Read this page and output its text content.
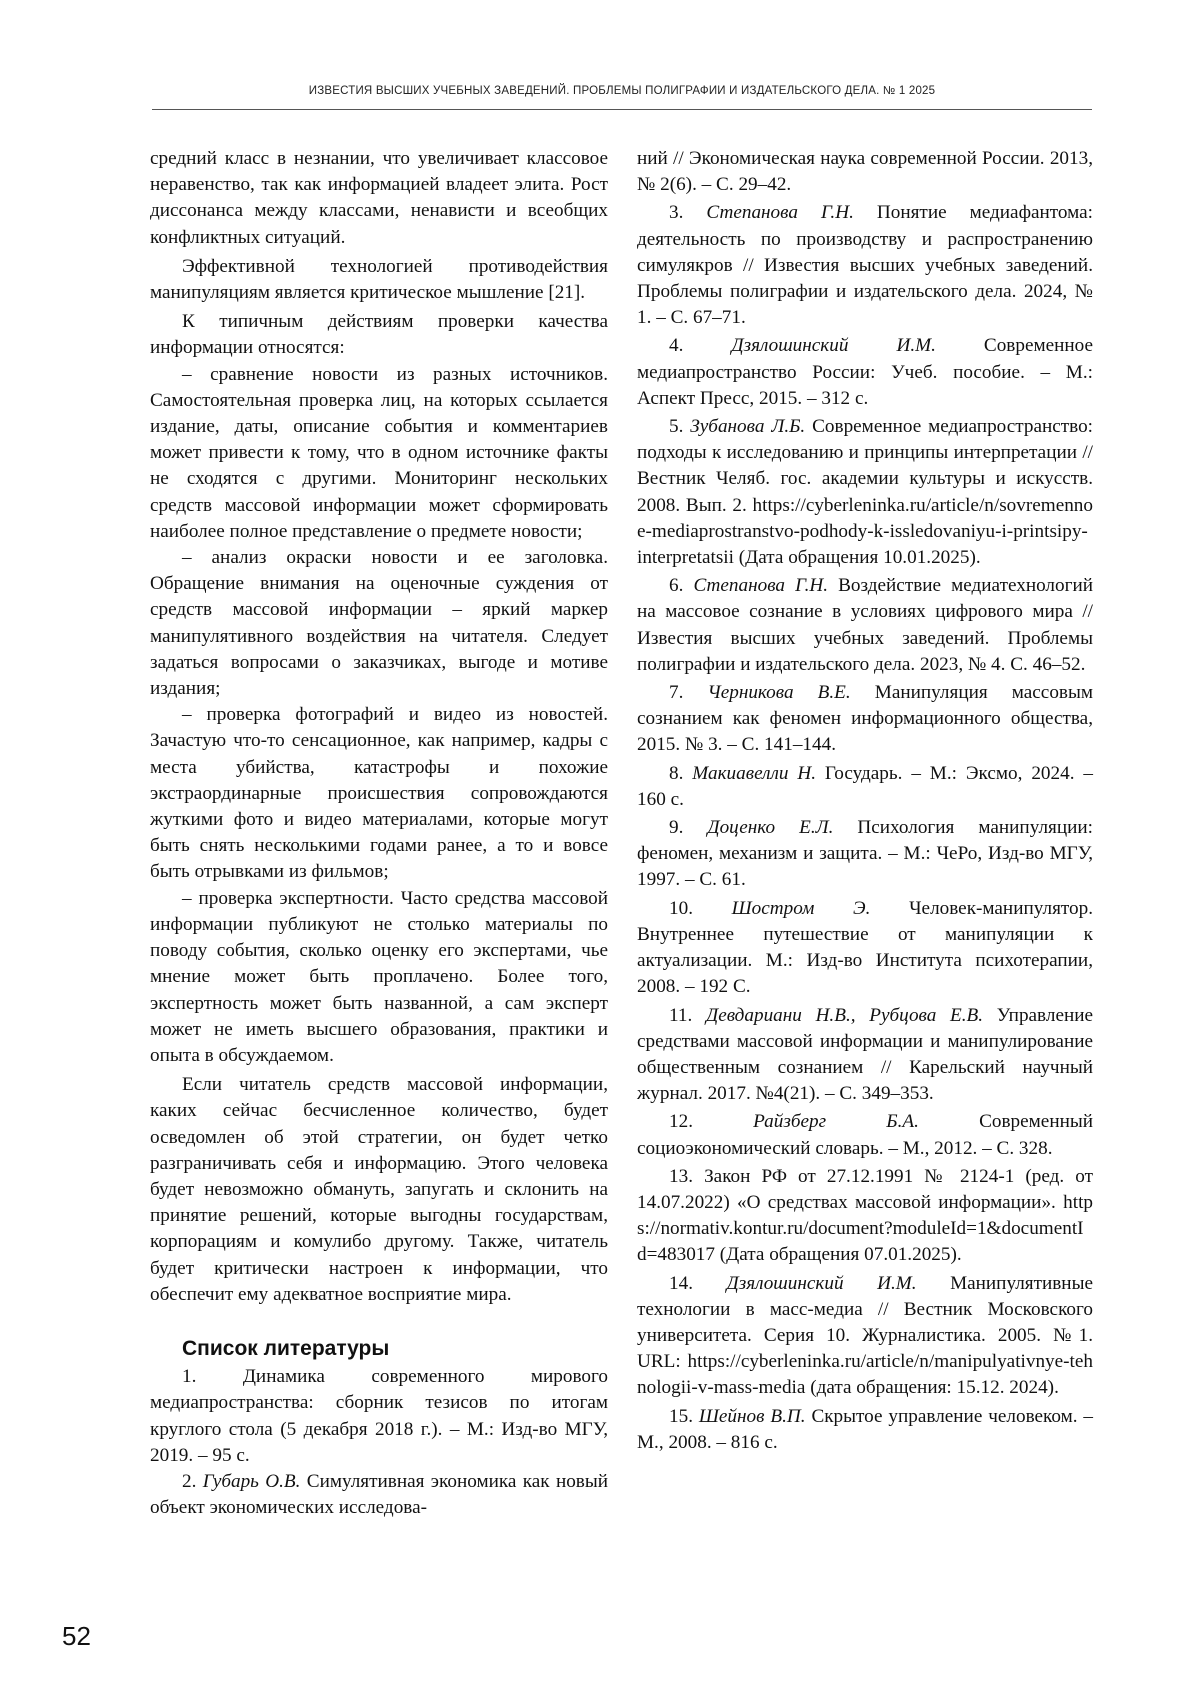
ИЗВЕСТИЯ ВЫСШИХ УЧЕБНЫХ ЗАВЕДЕНИЙ. ПРОБЛЕМЫ ПОЛИГРАФИИ И ИЗДАТЕЛЬСКОГО ДЕЛА. № 1 2025

средний класс в незнании, что увеличивает классовое неравенство, так как информацией владеет элита. Рост диссонанса между классами, ненависти и всеобщих конфликтных ситуаций.

Эффективной технологией противодействия манипуляциям является критическое мышление [21].

К типичным действиям проверки качества информации относятся:

– сравнение новости из разных источников. Самостоятельная проверка лиц, на которых ссылается издание, даты, описание события и комментариев может привести к тому, что в одном источнике факты не сходятся с другими. Мониторинг нескольких средств массовой информации может сформировать наиболее полное представление о предмете новости;

– анализ окраски новости и ее заголовка. Обращение внимания на оценочные суждения от средств массовой информации – яркий маркер манипулятивного воздействия на читателя. Следует задаться вопросами о заказчиках, выгоде и мотиве издания;

– проверка фотографий и видео из новостей. Зачастую что-то сенсационное, как например, кадры с места убийства, катастрофы и похожие экстраординарные происшествия сопровождаются жуткими фото и видео материалами, которые могут быть снять несколькими годами ранее, а то и вовсе быть отрывками из фильмов;

– проверка экспертности. Часто средства массовой информации публикуют не столько материалы по поводу события, сколько оценку его экспертами, чье мнение может быть проплачено. Более того, экспертность может быть названной, а сам эксперт может не иметь высшего образования, практики и опыта в обсуждаемом.

Если читатель средств массовой информации, каких сейчас бесчисленное количество, будет осведомлен об этой стратегии, он будет четко разграничивать себя и информацию. Этого человека будет невозможно обмануть, запугать и склонить на принятие решений, которые выгодны государствам, корпорациям и комулибо другому. Также, читатель будет критически настроен к информации, что обеспечит ему адекватное восприятие мира.

Список литературы

1. Динамика современного мирового медиапространства: сборник тезисов по итогам круглого стола (5 декабря 2018 г.). – М.: Изд-во МГУ, 2019. – 95 с.

2. Губарь О.В. Симулятивная экономика как новый объект экономических исследова-

ний // Экономическая наука современной России. 2013, № 2(6). – С. 29–42.

3. Степанова Г.Н. Понятие медиафантома: деятельность по производству и распространению симулякров // Известия высших учебных заведений. Проблемы полиграфии и издательского дела. 2024, № 1. – С. 67–71.

4.	Дзялошинский И.М.	Современное медиапространство России: Учеб. пособие. – М.: Аспект Пресс, 2015. – 312 с.

5. Зубанова Л.Б. Современное медиапространство: подходы к исследованию и принципы интерпретации // Вестник Челяб. гос. академии культуры и искусств. 2008. Вып. 2. https://cyberleninka.ru/article/n/sovremennoe-mediaprostranstvo-podhody-k-issledovaniyu-i-printsipy-interpretatsii (Дата обращения 10.01.2025).

6. Степанова Г.Н. Воздействие медиатехнологий на массовое сознание в условиях цифрового мира // Известия высших учебных заведений. Проблемы полиграфии и издательского дела. 2023, № 4. С. 46–52.

7. Черникова В.Е. Манипуляция массовым сознанием как феномен информационного общества, 2015. № 3. – С. 141–144.

8. Макиавелли Н. Государь. – М.: Эксмо, 2024. – 160 с.

9. Доценко Е.Л. Психология манипуляции: феномен, механизм и защита. – М.: ЧеРо, Изд-во МГУ, 1997. – С. 61.

10. Шостром Э. Человек-манипулятор. Внутреннее путешествие от манипуляции к актуализации. М.: Изд-во Института психотерапии, 2008. – 192 С.

11. Девдариани Н.В., Рубцова Е.В. Управление средствами массовой информации и манипулирование общественным сознанием // Карельский научный журнал. 2017. №4(21). – С. 349–353.

12.	Райзберг Б.А.	Современный социоэкономический словарь. – М., 2012. – С. 328.

13. Закон РФ от 27.12.1991 № 2124-1 (ред. от 14.07.2022) «О средствах массовой информации». https://normativ.kontur.ru/document?moduleId=1&documentId=483017 (Дата обращения 07.01.2025).

14. Дзялошинский И.М. Манипулятивные технологии в масс-медиа // Вестник Московского университета. Серия 10. Журналистика. 2005. №1. URL: https://cyberleninka.ru/article/n/manipulyativnye-tehnologii-v-mass-media (дата обращения: 15.12. 2024).

15. Шейнов В.П. Скрытое управление человеком. – М., 2008. – 816 с.

52
